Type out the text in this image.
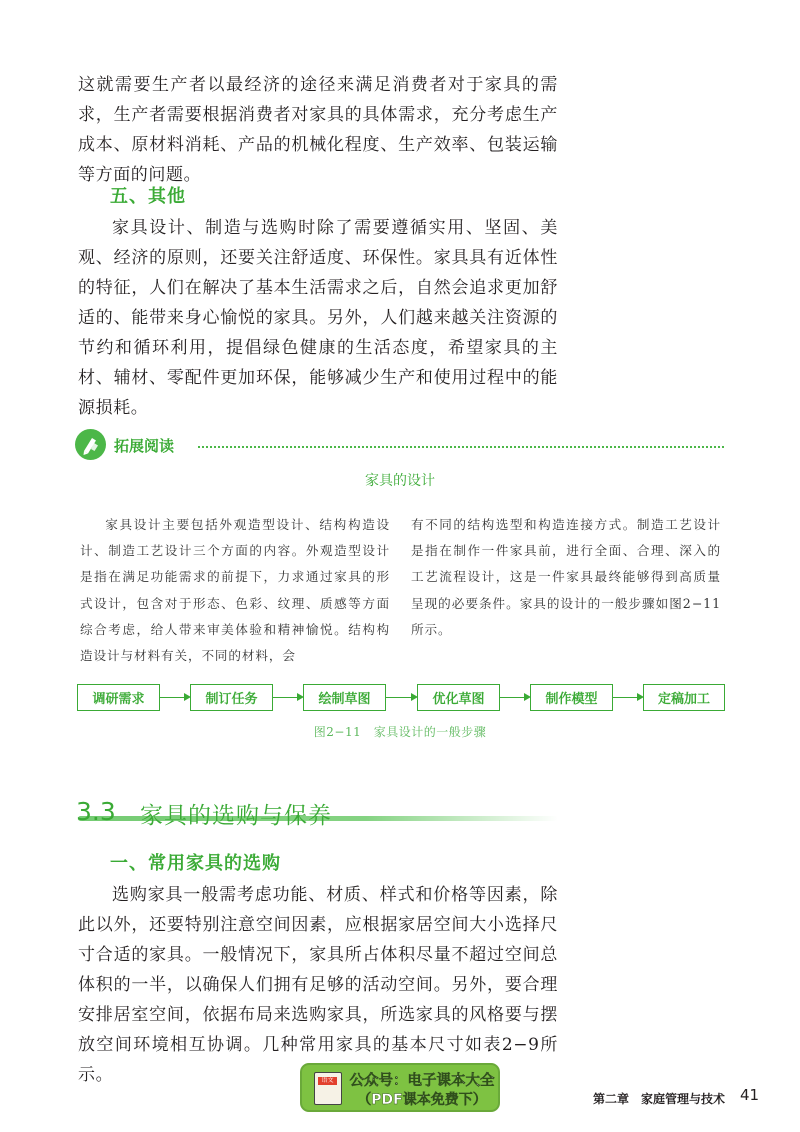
这就需要生产者以最经济的途径来满足消费者对于家具的需求，生产者需要根据消费者对家具的具体需求，充分考虑生产成本、原材料消耗、产品的机械化程度、生产效率、包装运输等方面的问题。

五、其他

家具设计、制造与选购时除了需要遵循实用、坚固、美观、经济的原则，还要关注舒适度、环保性。家具具有近体性的特征，人们在解决了基本生活需求之后，自然会追求更加舒适的、能带来身心愉悦的家具。另外，人们越来越关注资源的节约和循环利用，提倡绿色健康的生活态度，希望家具的主材、辅材、零配件更加环保，能够减少生产和使用过程中的能源损耗。

拓展阅读
家具的设计

家具设计主要包括外观造型设计、结构构造设计、制造工艺设计三个方面的内容。外观造型设计是指在满足功能需求的前提下，力求通过家具的形式设计，包含对于形态、色彩、纹理、质感等方面综合考虑，给人带来审美体验和精神愉悦。结构构造设计与材料有关，不同的材料，会

有不同的结构选型和构造连接方式。制造工艺设计是指在制作一件家具前，进行全面、合理、深入的工艺流程设计，这是一件家具最终能够得到高质量呈现的必要条件。家具的设计的一般步骤如图2−11所示。

调研需求	制订任务	绘制草图	优化草图	制作模型	定稿加工
图2−11　家具设计的一般步骤
3.3 家具的选购与保养
一、常用家具的选购

选购家具一般需考虑功能、材质、样式和价格等因素，除此以外，还要特别注意空间因素，应根据家居空间大小选择尺寸合适的家具。一般情况下，家具所占体积尽量不超过空间总体积的一半，以确保人们拥有足够的活动空间。另外，要合理安排居室空间，依据布局来选购家具，所选家具的风格要与摆放空间环境相互协调。几种常用家具的基本尺寸如表2−9所示。	语文 公众号：电子课本大全
（PDF课本免费下）	第二章　家庭管理与技术 41
